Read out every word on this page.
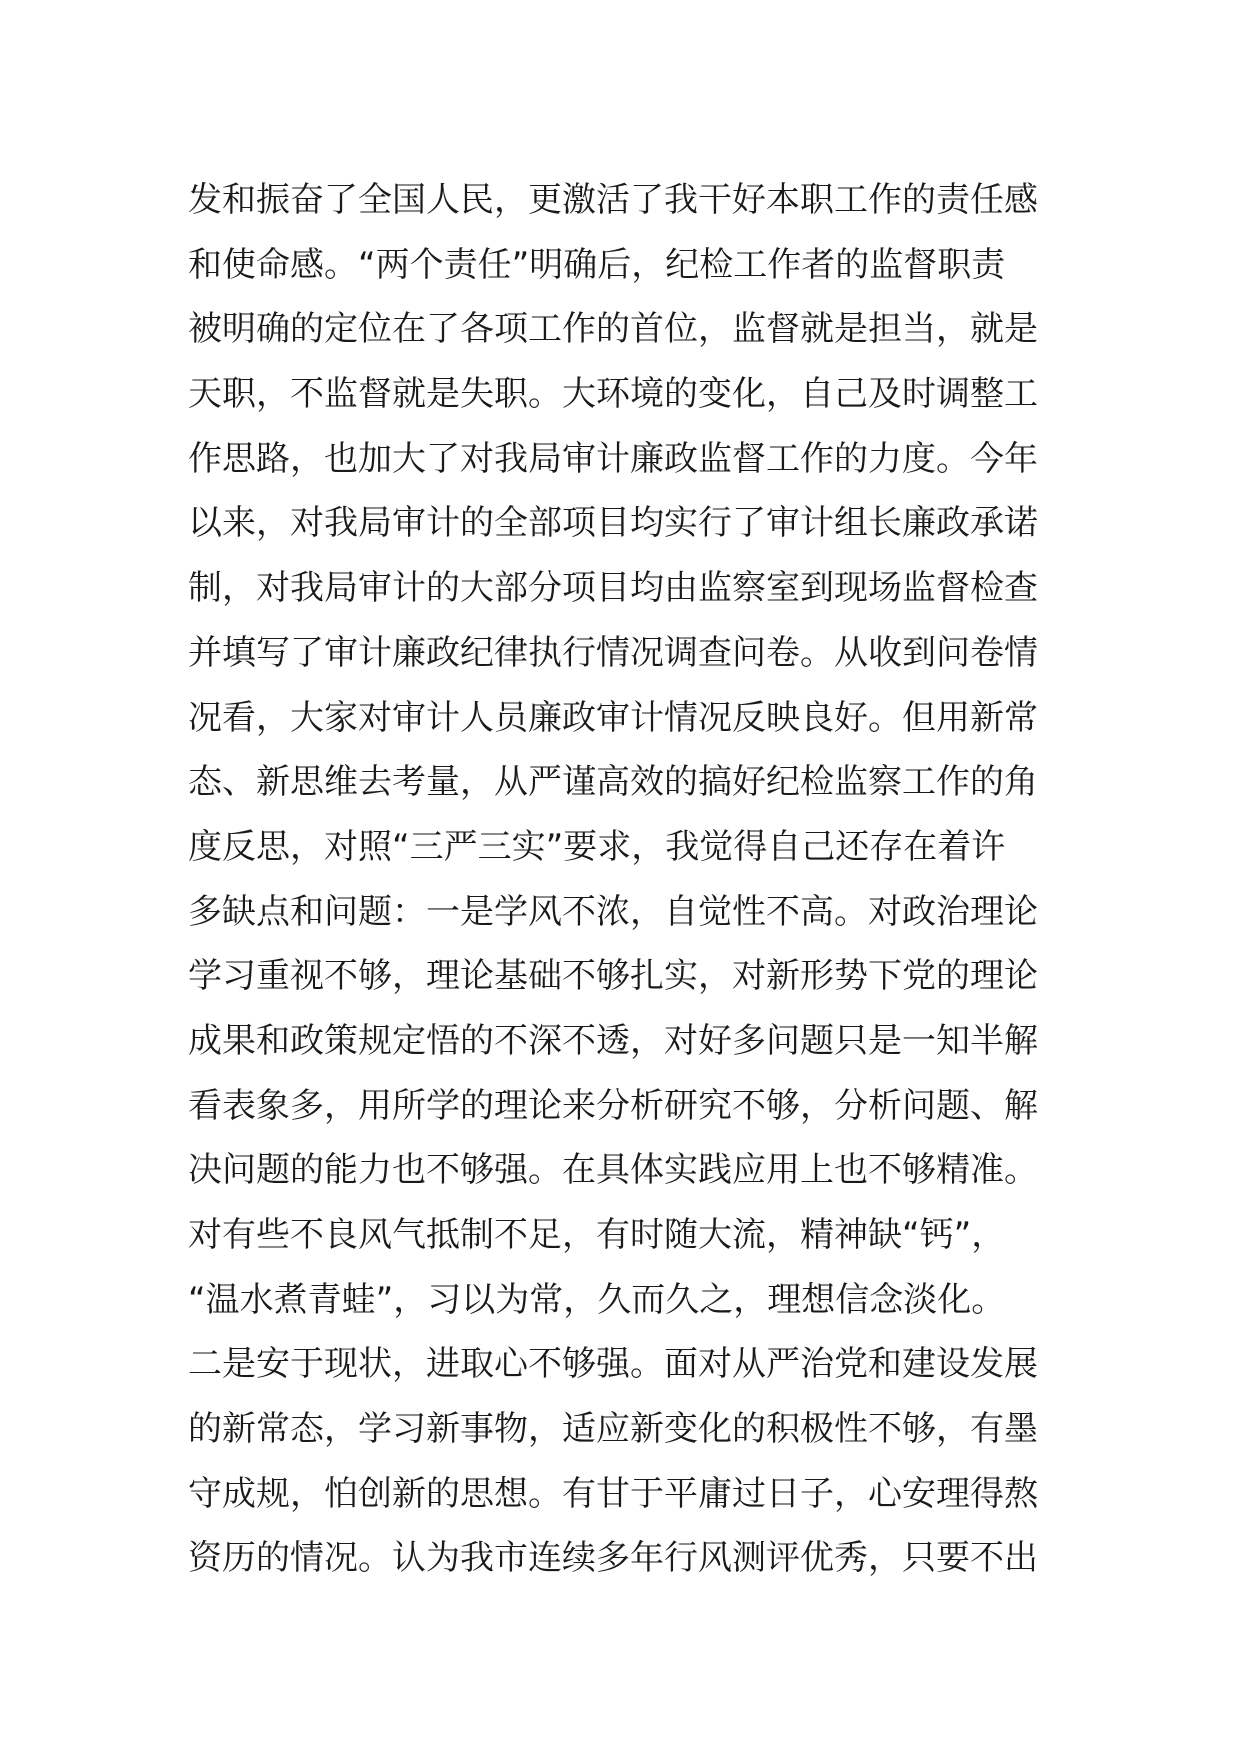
发和振奋了全国人民，更激活了我干好本职工作的责任感
和使命感。“两个责任”明确后，纪检工作者的监督职责
被明确的定位在了各项工作的首位，监督就是担当，就是
天职，不监督就是失职。大环境的变化，自己及时调整工
作思路，也加大了对我局审计廉政监督工作的力度。今年
以来，对我局审计的全部项目均实行了审计组长廉政承诺
制，对我局审计的大部分项目均由监察室到现场监督检查
并填写了审计廉政纪律执行情况调查问卷。从收到问卷情
况看，大家对审计人员廉政审计情况反映良好。但用新常
态、新思维去考量，从严谨高效的搞好纪检监察工作的角
度反思，对照“三严三实”要求，我觉得自己还存在着许
多缺点和问题：一是学风不浓，自觉性不高。对政治理论
学习重视不够，理论基础不够扎实，对新形势下党的理论
成果和政策规定悟的不深不透，对好多问题只是一知半解
看表象多，用所学的理论来分析研究不够，分析问题、解
决问题的能力也不够强。在具体实践应用上也不够精准。
对有些不良风气抵制不足，有时随大流，精神缺“钙”，
“温水煮青蛙”，习以为常，久而久之，理想信念淡化。
二是安于现状，进取心不够强。面对从严治党和建设发展
的新常态，学习新事物，适应新变化的积极性不够，有墨
守成规，怕创新的思想。有甘于平庸过日子，心安理得熬
资历的情况。认为我市连续多年行风测评优秀，只要不出
